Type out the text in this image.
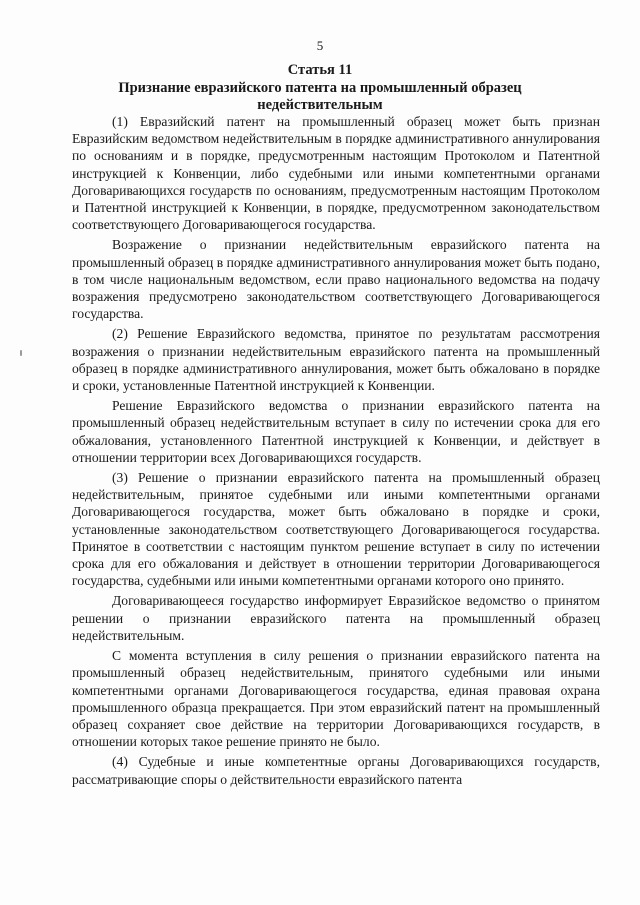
5
Статья 11
Признание евразийского патента на промышленный образец недействительным

(1) Евразийский патент на промышленный образец может быть признан Евразийским ведомством недействительным в порядке административного аннулирования по основаниям и в порядке, предусмотренным настоящим Протоколом и Патентной инструкцией к Конвенции, либо судебными или иными компетентными органами Договаривающихся государств по основаниям, предусмотренным настоящим Протоколом и Патентной инструкцией к Конвенции, в порядке, предусмотренном законодательством соответствующего Договаривающегося государства.

Возражение о признании недействительным евразийского патента на промышленный образец в порядке административного аннулирования может быть подано, в том числе национальным ведомством, если право национального ведомства на подачу возражения предусмотрено законодательством соответствующего Договаривающегося государства.

(2) Решение Евразийского ведомства, принятое по результатам рассмотрения возражения о признании недействительным евразийского патента на промышленный образец в порядке административного аннулирования, может быть обжаловано в порядке и сроки, установленные Патентной инструкцией к Конвенции.

Решение Евразийского ведомства о признании евразийского патента на промышленный образец недействительным вступает в силу по истечении срока для его обжалования, установленного Патентной инструкцией к Конвенции, и действует в отношении территории всех Договаривающихся государств.

(3) Решение о признании евразийского патента на промышленный образец недействительным, принятое судебными или иными компетентными органами Договаривающегося государства, может быть обжаловано в порядке и сроки, установленные законодательством соответствующего Договаривающегося государства. Принятое в соответствии с настоящим пунктом решение вступает в силу по истечении срока для его обжалования и действует в отношении территории Договаривающегося государства, судебными или иными компетентными органами которого оно принято.

Договаривающееся государство информирует Евразийское ведомство о принятом решении о признании евразийского патента на промышленный образец недействительным.

С момента вступления в силу решения о признании евразийского патента на промышленный образец недействительным, принятого судебными или иными компетентными органами Договаривающегося государства, единая правовая охрана промышленного образца прекращается. При этом евразийский патент на промышленный образец сохраняет свое действие на территории Договаривающихся государств, в отношении которых такое решение принято не было.

(4) Судебные и иные компетентные органы Договаривающихся государств, рассматривающие споры о действительности евразийского патента
